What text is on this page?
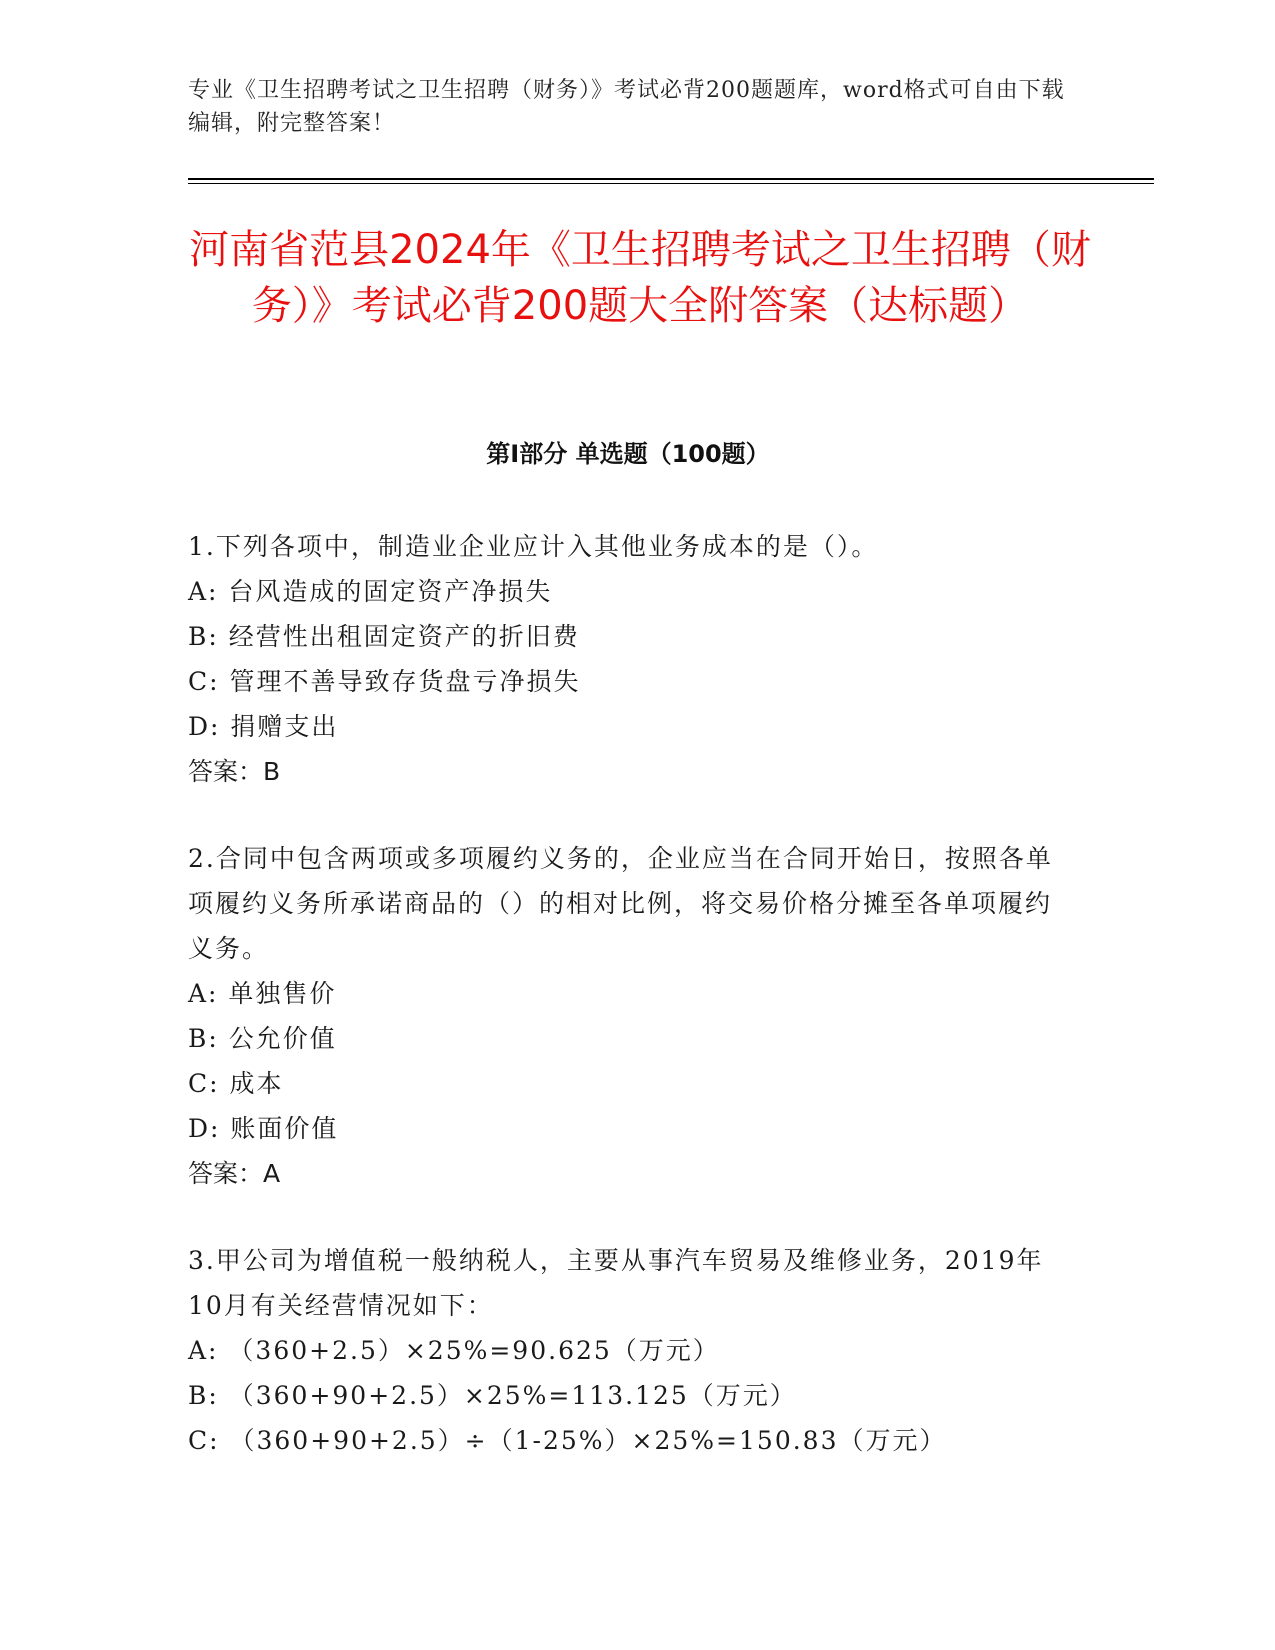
专业《卫生招聘考试之卫生招聘（财务）》考试必背200题题库，word格式可自由下载编辑，附完整答案！
河南省范县2024年《卫生招聘考试之卫生招聘（财务）》考试必背200题大全附答案（达标题）
第Ⅰ部分 单选题（100题）

1.下列各项中，制造业企业应计入其他业务成本的是（）。

A: 台风造成的固定资产净损失

B: 经营性出租固定资产的折旧费

C: 管理不善导致存货盘亏净损失

D: 捐赠支出

答案：B

2.合同中包含两项或多项履约义务的，企业应当在合同开始日，按照各单项履约义务所承诺商品的（）的相对比例，将交易价格分摊至各单项履约义务。

A: 单独售价

B: 公允价值

C: 成本

D: 账面价值

答案：A

3.甲公司为增值税一般纳税人，主要从事汽车贸易及维修业务，2019年10月有关经营情况如下：

A: （360+2.5）×25%=90.625（万元）

B: （360+90+2.5）×25%=113.125（万元）

C: （360+90+2.5）÷（1-25%）×25%=150.83（万元）
